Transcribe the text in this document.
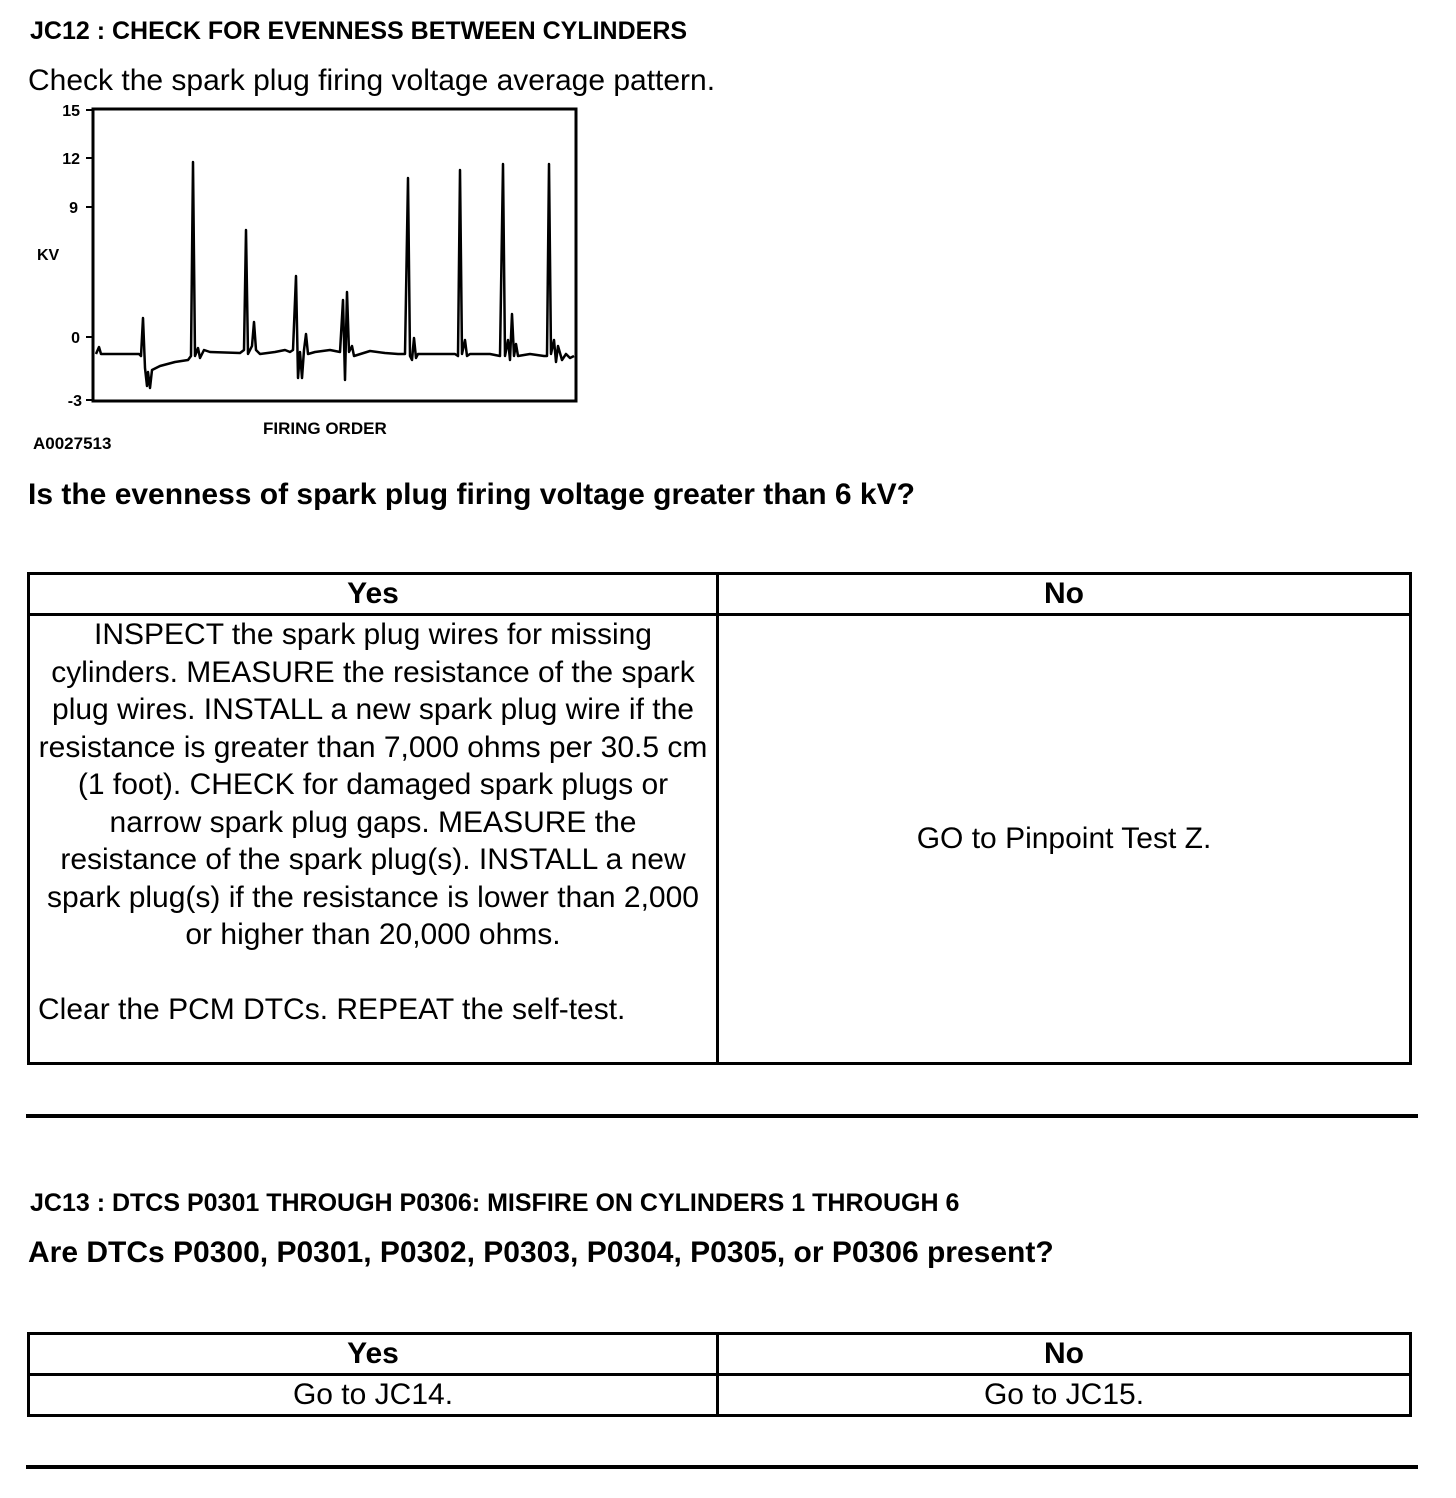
JC12 : CHECK FOR EVENNESS BETWEEN CYLINDERS
Check the spark plug firing voltage average pattern.
15
12
9
0
-3
KV
FIRING ORDER
A0027513
Is the evenness of spark plug firing voltage greater than 6 kV?
Yes	No

INSPECT the spark plug wires for missing cylinders. MEASURE the resistance of the spark plug wires. INSTALL a new spark plug wire if the resistance is greater than 7,000 ohms per 30.5 cm (1 foot). CHECK for damaged spark plugs or narrow spark plug gaps. MEASURE the resistance of the spark plug(s). INSTALL a new spark plug(s) if the resistance is lower than 2,000 or higher than 20,000 ohms.
Clear the PCM DTCs. REPEAT the self-test.	GO to Pinpoint Test Z.
JC13 : DTCS P0301 THROUGH P0306: MISFIRE ON CYLINDERS 1 THROUGH 6
Are DTCs P0300, P0301, P0302, P0303, P0304, P0305, or P0306 present?
Yes	No
Go to JC14.	Go to JC15.
